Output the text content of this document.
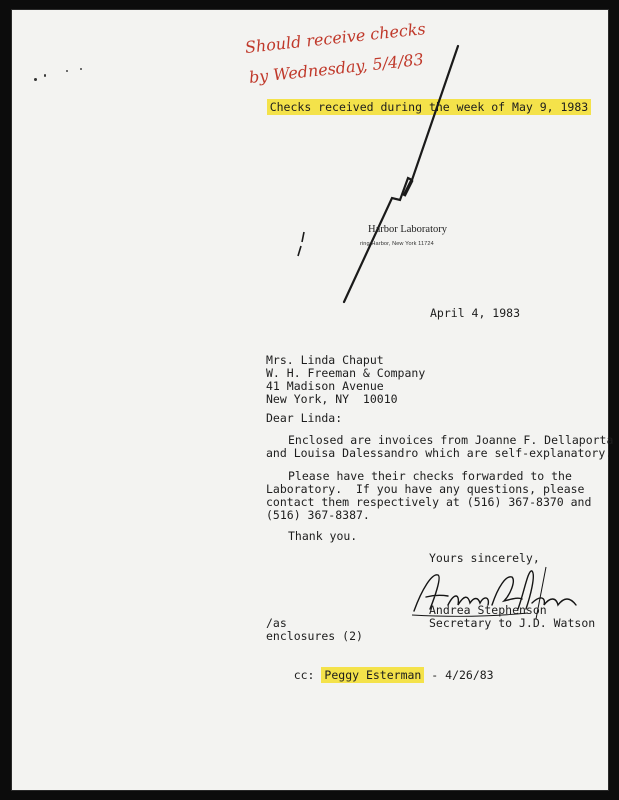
Should receive checks
by Wednesday, 5/4/83

Checks received during the week of May 9, 1983

Harbor Laboratory
ring Harbor, New York 11724
April 4, 1983
Mrs. Linda Chaput
W. H. Freeman & Company
41 Madison Avenue
New York, NY  10010
Dear Linda:
Enclosed are invoices from Joanne F. Dellaporta
and Louisa Dalessandro which are self-explanatory.
Please have their checks forwarded to the
Laboratory.  If you have any questions, please
contact them respectively at (516) 367-8370 and
(516) 367-8387.
Thank you.
Yours sincerely,
Andrea Stephenson
Secretary to J.D. Watson
/as
enclosures (2)

cc: Peggy Esterman - 4/26/83
